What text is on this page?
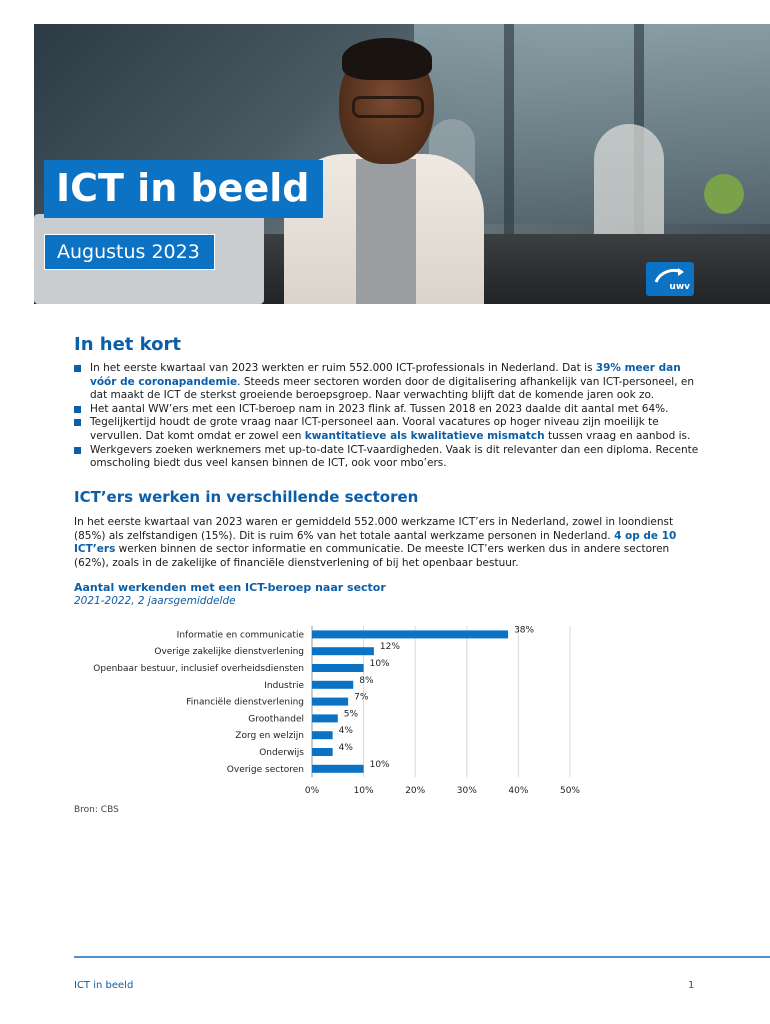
ICT in beeld
Augustus 2023
uwv
In het kort
In het eerste kwartaal van 2023 werkten er ruim 552.000 ICT-professionals in Nederland. Dat is 39% meer dan vóór de coronapandemie. Steeds meer sectoren worden door de digitalisering afhankelijk van ICT-personeel, en dat maakt de ICT de sterkst groeiende beroepsgroep. Naar verwachting blijft dat de komende jaren ook zo.
Het aantal WW’ers met een ICT-beroep nam in 2023 flink af. Tussen 2018 en 2023 daalde dit aantal met 64%.
Tegelijkertijd houdt de grote vraag naar ICT-personeel aan. Vooral vacatures op hoger niveau zijn moeilijk te vervullen. Dat komt omdat er zowel een kwantitatieve als kwalitatieve mismatch tussen vraag en aanbod is.
Werkgevers zoeken werknemers met up-to-date ICT-vaardigheden. Vaak is dit relevanter dan een diploma. Recente omscholing biedt dus veel kansen binnen de ICT, ook voor mbo’ers.
ICT’ers werken in verschillende sectoren

In het eerste kwartaal van 2023 waren er gemiddeld 552.000 werkzame ICT’ers in Nederland, zowel in loondienst (85%) als zelfstandigen (15%). Dit is ruim 6% van het totale aantal werkzame personen in Nederland. 4 op de 10 ICT’ers werken binnen de sector informatie en communicatie. De meeste ICT’ers werken dus in andere sectoren (62%), zoals in de zakelijke of financiële dienstverlening of bij het openbaar bestuur.

Aantal werkenden met een ICT-beroep naar sector
2021-2022, 2 jaarsgemiddelde
0%	10%	20%	30%	40%	50%
Informatie en communicatie	38%
Overige zakelijke dienstverlening	12%
Openbaar bestuur, inclusief overheidsdiensten	10%
Industrie	8%
Financiële dienstverlening	7%
Groothandel	5%
Zorg en welzijn	4%
Onderwijs	4%
Overige sectoren	10%
Bron: CBS
ICT in beeld	1
